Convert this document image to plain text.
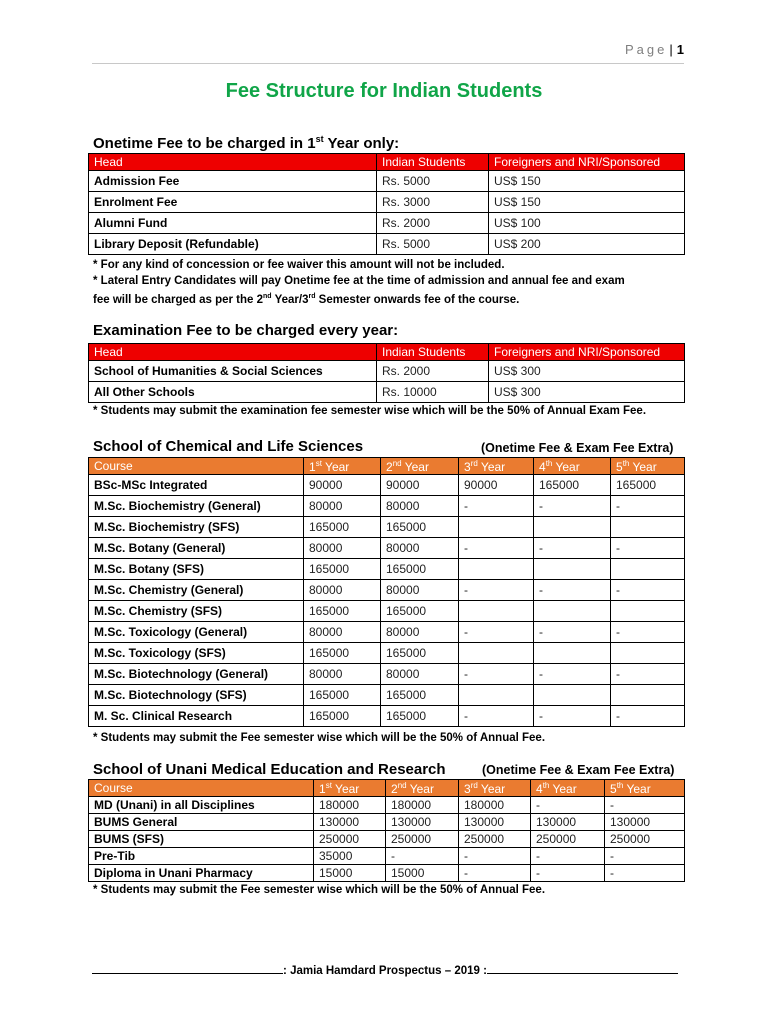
Page | 1
Fee Structure for Indian Students
Onetime Fee to be charged in 1st Year only:
Head	Indian Students	Foreigners and NRI/Sponsored
Admission Fee	Rs. 5000	US$ 150
Enrolment Fee	Rs. 3000	US$ 150
Alumni Fund	Rs. 2000	US$ 100
Library Deposit (Refundable)	Rs. 5000	US$ 200
* For any kind of concession or fee waiver this amount will not be included.
* Lateral Entry Candidates will pay Onetime fee at the time of admission and annual fee and exam
fee will be charged as per the 2nd Year/3rd Semester onwards fee of the course.
Examination Fee to be charged every year:
Head	Indian Students	Foreigners and NRI/Sponsored
School of Humanities & Social Sciences	Rs. 2000	US$ 300
All Other Schools	Rs. 10000	US$ 300
* Students may submit the examination fee semester wise which will be the 50% of Annual Exam Fee.
School of Chemical and Life Sciences	(Onetime Fee & Exam Fee Extra)
Course	1st Year	2nd Year	3rd Year	4th Year	5th Year
BSc-MSc Integrated	90000	90000	90000	165000	165000
M.Sc. Biochemistry (General)	80000	80000	-	-	-
M.Sc. Biochemistry (SFS)	165000	165000			
M.Sc. Botany (General)	80000	80000	-	-	-
M.Sc. Botany (SFS)	165000	165000			
M.Sc. Chemistry (General)	80000	80000	-	-	-
M.Sc. Chemistry (SFS)	165000	165000			
M.Sc. Toxicology (General)	80000	80000	-	-	-
M.Sc. Toxicology (SFS)	165000	165000			
M.Sc. Biotechnology (General)	80000	80000	-	-	-
M.Sc. Biotechnology (SFS)	165000	165000			
M. Sc. Clinical Research	165000	165000	-	-	-
* Students may submit the Fee semester wise which will be the 50% of Annual Fee.
School of Unani Medical Education and Research	(Onetime Fee & Exam Fee Extra)
Course	1st Year	2nd Year	3rd Year	4th Year	5th Year
MD (Unani) in all Disciplines	180000	180000	180000	-	-
BUMS General	130000	130000	130000	130000	130000
BUMS (SFS)	250000	250000	250000	250000	250000
Pre-Tib	35000	-	-	-	-
Diploma in Unani Pharmacy	15000	15000	-	-	-
* Students may submit the Fee semester wise which will be the 50% of Annual Fee.
: Jamia Hamdard Prospectus – 2019 :
